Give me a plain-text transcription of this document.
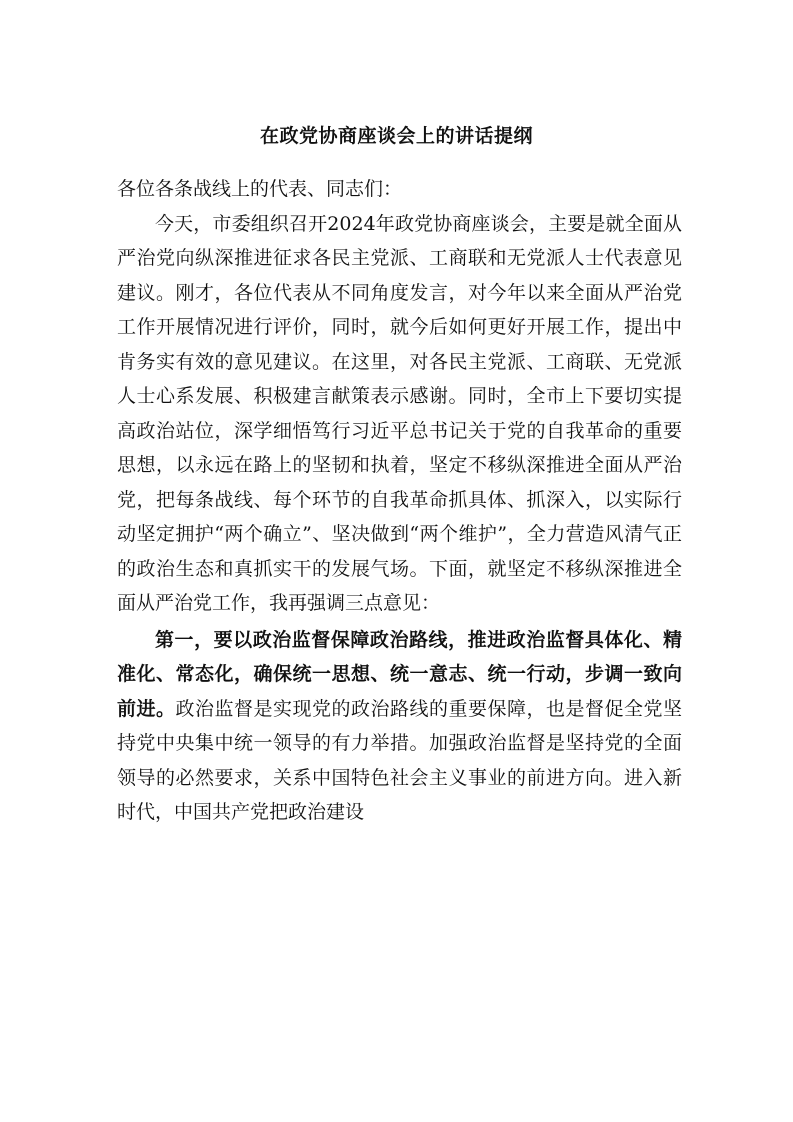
在政党协商座谈会上的讲话提纲

各位各条战线上的代表、同志们：

今天，市委组织召开2024年政党协商座谈会，主要是就全面从严治党向纵深推进征求各民主党派、工商联和无党派人士代表意见建议。刚才，各位代表从不同角度发言，对今年以来全面从严治党工作开展情况进行评价，同时，就今后如何更好开展工作，提出中肯务实有效的意见建议。在这里，对各民主党派、工商联、无党派人士心系发展、积极建言献策表示感谢。同时，全市上下要切实提高政治站位，深学细悟笃行习近平总书记关于党的自我革命的重要思想，以永远在路上的坚韧和执着，坚定不移纵深推进全面从严治党，把每条战线、每个环节的自我革命抓具体、抓深入，以实际行动坚定拥护“两个确立”、坚决做到“两个维护”，全力营造风清气正的政治生态和真抓实干的发展气场。下面，就坚定不移纵深推进全面从严治党工作，我再强调三点意见：

第一，要以政治监督保障政治路线，推进政治监督具体化、精准化、常态化，确保统一思想、统一意志、统一行动，步调一致向前进。政治监督是实现党的政治路线的重要保障，也是督促全党坚持党中央集中统一领导的有力举措。加强政治监督是坚持党的全面领导的必然要求，关系中国特色社会主义事业的前进方向。进入新时代，中国共产党把政治建设
